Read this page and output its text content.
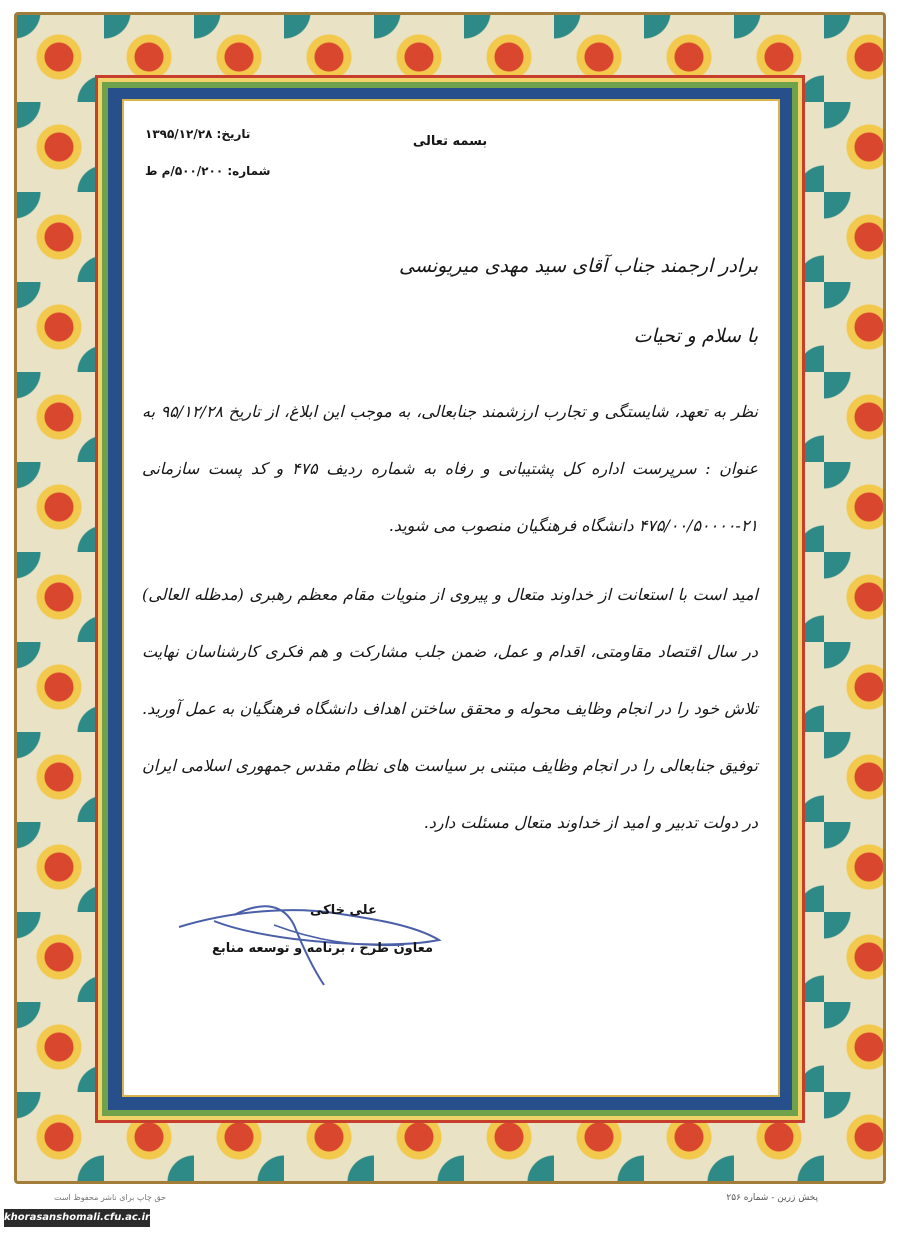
بسمه تعالی
تاریخ: ۱۳۹۵/۱۲/۲۸
شماره: ۵۰۰/۲۰۰/م ط
برادر ارجمند جناب آقای سید مهدی میریونسی
با سلام و تحیات
نظر به تعهد، شایستگی و تجارب ارزشمند جنابعالی، به موجب این ابلاغ، از تاریخ ۹۵/۱۲/۲۸ به عنوان : سرپرست اداره کل پشتیبانی و رفاه به شماره ردیف ۴۷۵ و کد پست سازمانی ۲۱-۴۷۵/۰۰/۵۰۰۰۰ دانشگاه فرهنگیان منصوب می شوید.
امید است با استعانت از خداوند متعال و پیروی از منویات مقام معظم رهبری (مدظله العالی) در سال اقتصاد مقاومتی، اقدام و عمل، ضمن جلب مشارکت و هم فکری کارشناسان نهایت تلاش خود را در انجام وظایف محوله و محقق ساختن اهداف دانشگاه فرهنگیان به عمل آورید. توفیق جنابعالی را در انجام وظایف مبتنی بر سیاست های نظام مقدس جمهوری اسلامی ایران در دولت تدبیر و امید از خداوند متعال مسئلت دارد.
علی خاکی
معاون طرح ، برنامه و توسعه منابع
حق چاپ برای ناشر محفوظ است	پخش زرین - شماره ۲۵۶
khorasanshomali.cfu.ac.ir
